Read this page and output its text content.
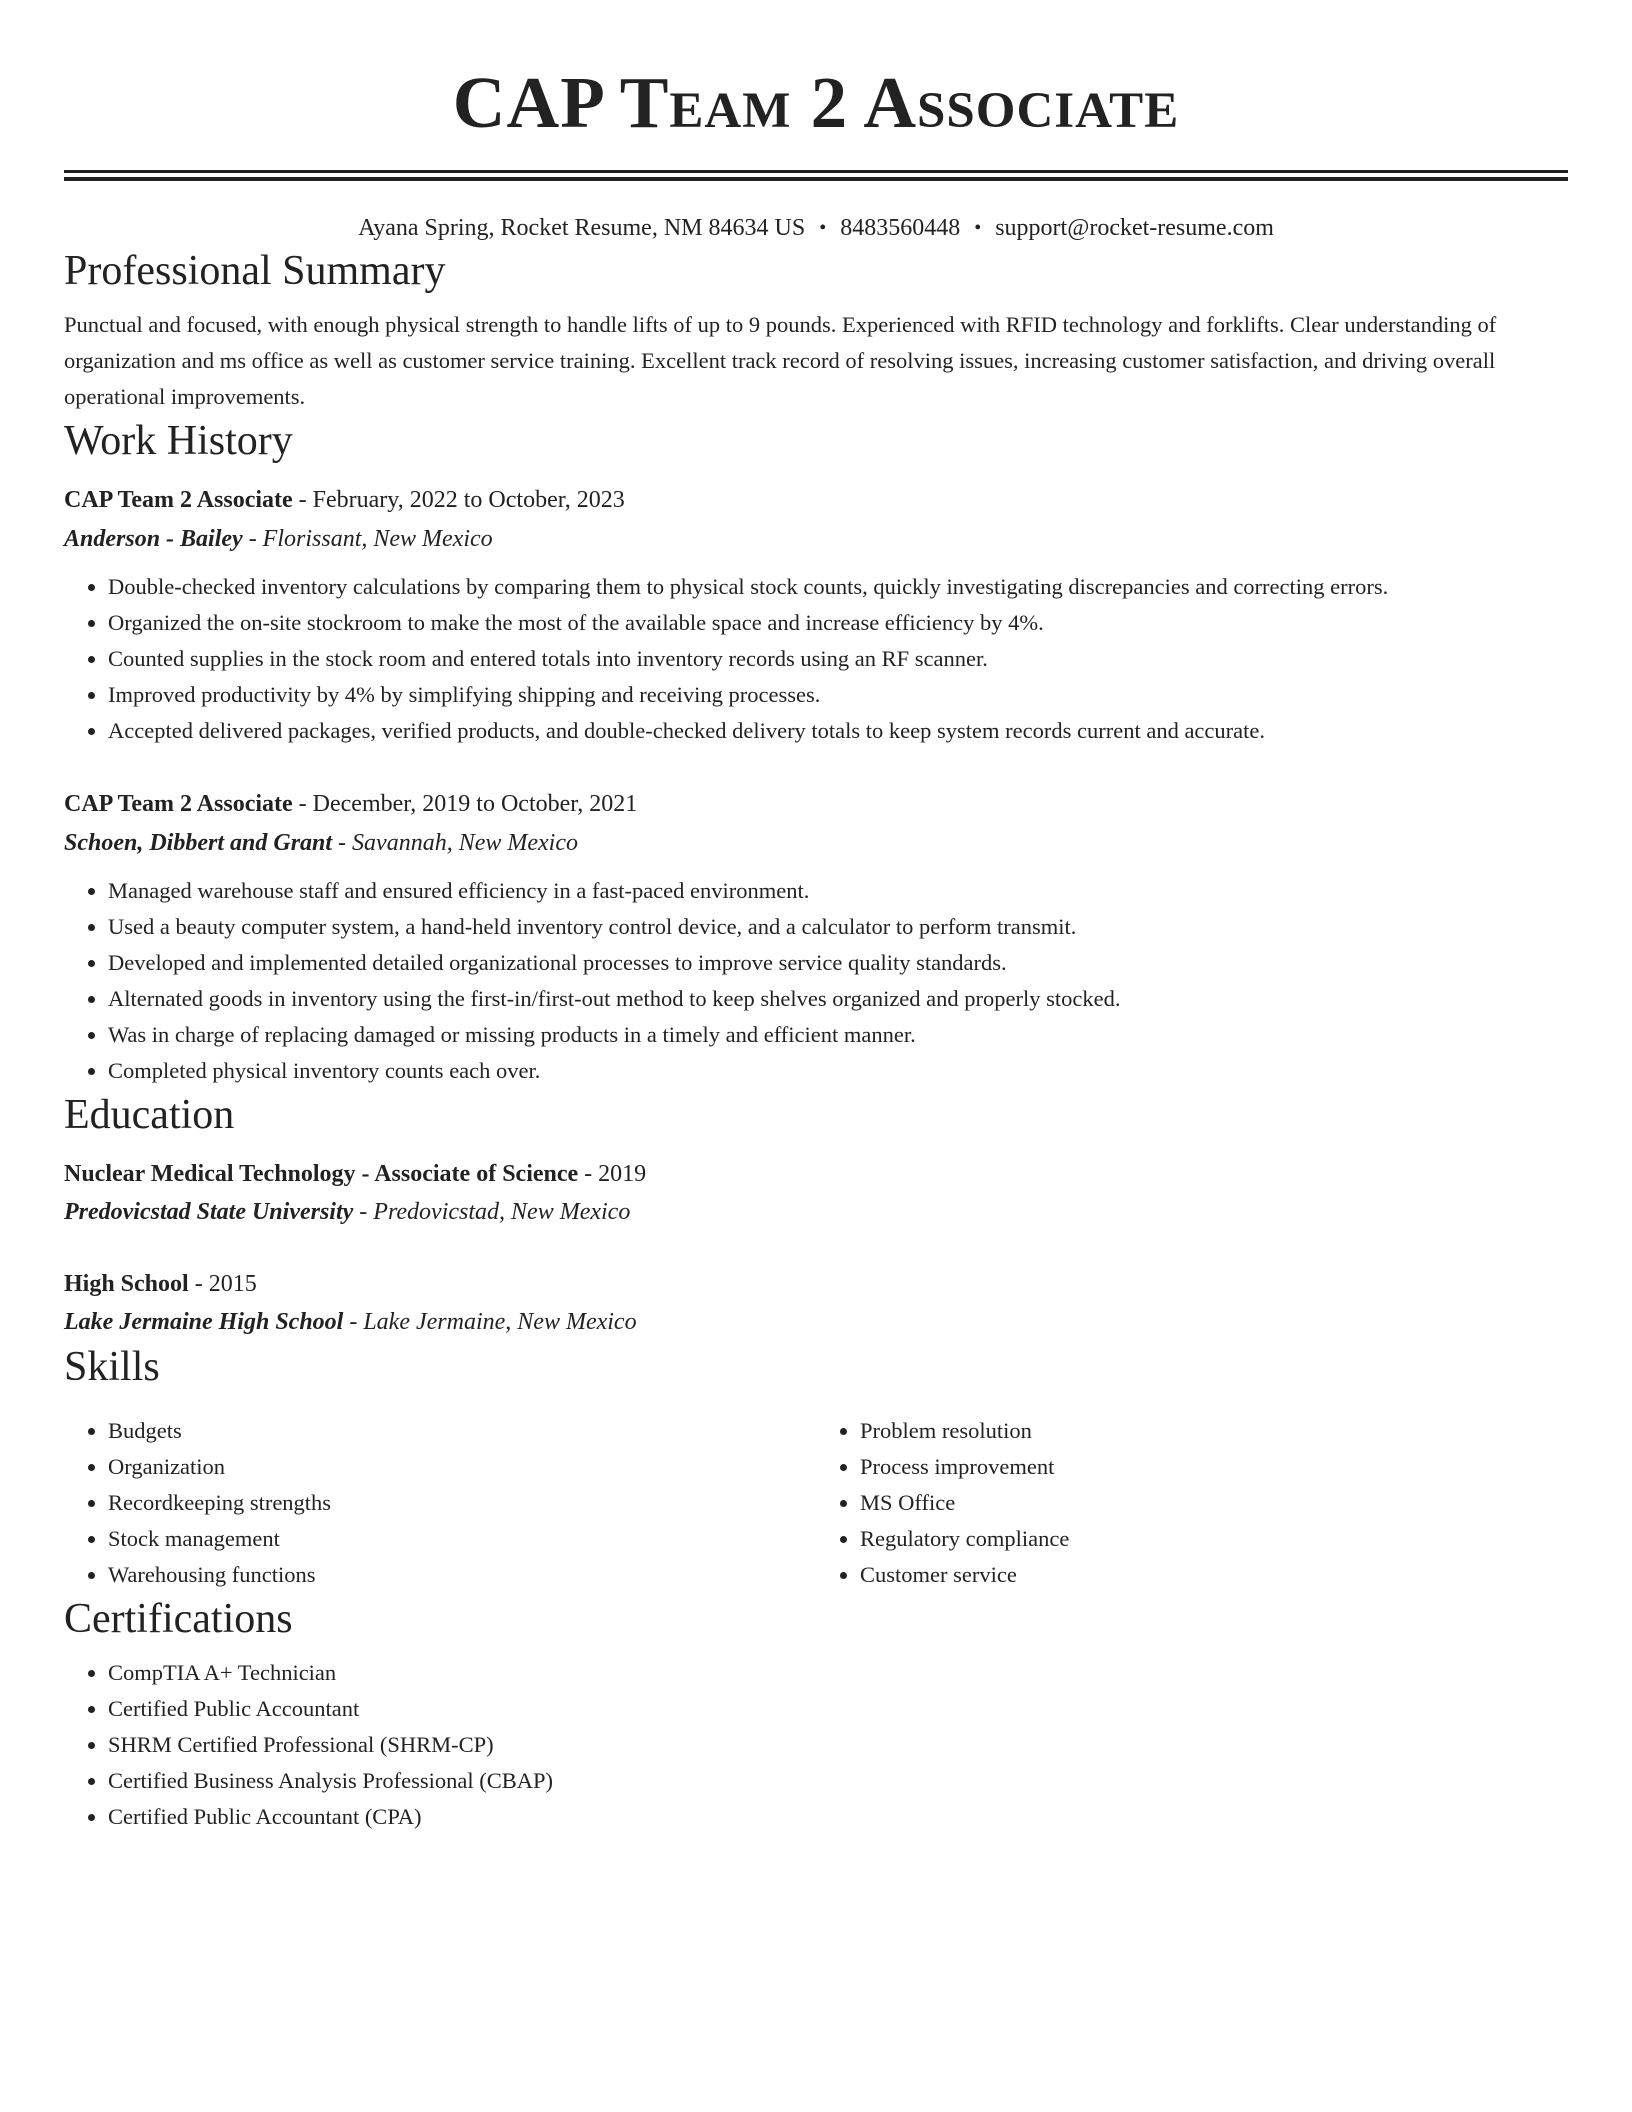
CAP Team 2 Associate
Ayana Spring, Rocket Resume, NM 84634 US • 8483560448 • support@rocket-resume.com
Professional Summary
Punctual and focused, with enough physical strength to handle lifts of up to 9 pounds. Experienced with RFID technology and forklifts. Clear understanding of organization and ms office as well as customer service training. Excellent track record of resolving issues, increasing customer satisfaction, and driving overall operational improvements.
Work History
CAP Team 2 Associate - February, 2022 to October, 2023
Anderson - Bailey - Florissant, New Mexico
• Double-checked inventory calculations by comparing them to physical stock counts, quickly investigating discrepancies and correcting errors.
• Organized the on-site stockroom to make the most of the available space and increase efficiency by 4%.
• Counted supplies in the stock room and entered totals into inventory records using an RF scanner.
• Improved productivity by 4% by simplifying shipping and receiving processes.
• Accepted delivered packages, verified products, and double-checked delivery totals to keep system records current and accurate.
CAP Team 2 Associate - December, 2019 to October, 2021
Schoen, Dibbert and Grant - Savannah, New Mexico
• Managed warehouse staff and ensured efficiency in a fast-paced environment.
• Used a beauty computer system, a hand-held inventory control device, and a calculator to perform transmit.
• Developed and implemented detailed organizational processes to improve service quality standards.
• Alternated goods in inventory using the first-in/first-out method to keep shelves organized and properly stocked.
• Was in charge of replacing damaged or missing products in a timely and efficient manner.
• Completed physical inventory counts each over.
Education
Nuclear Medical Technology - Associate of Science - 2019
Predovicstad State University - Predovicstad, New Mexico
High School - 2015
Lake Jermaine High School - Lake Jermaine, New Mexico
Skills
• Budgets
• Organization
• Recordkeeping strengths
• Stock management
• Warehousing functions
• Problem resolution
• Process improvement
• MS Office
• Regulatory compliance
• Customer service
Certifications
• CompTIA A+ Technician
• Certified Public Accountant
• SHRM Certified Professional (SHRM-CP)
• Certified Business Analysis Professional (CBAP)
• Certified Public Accountant (CPA)
